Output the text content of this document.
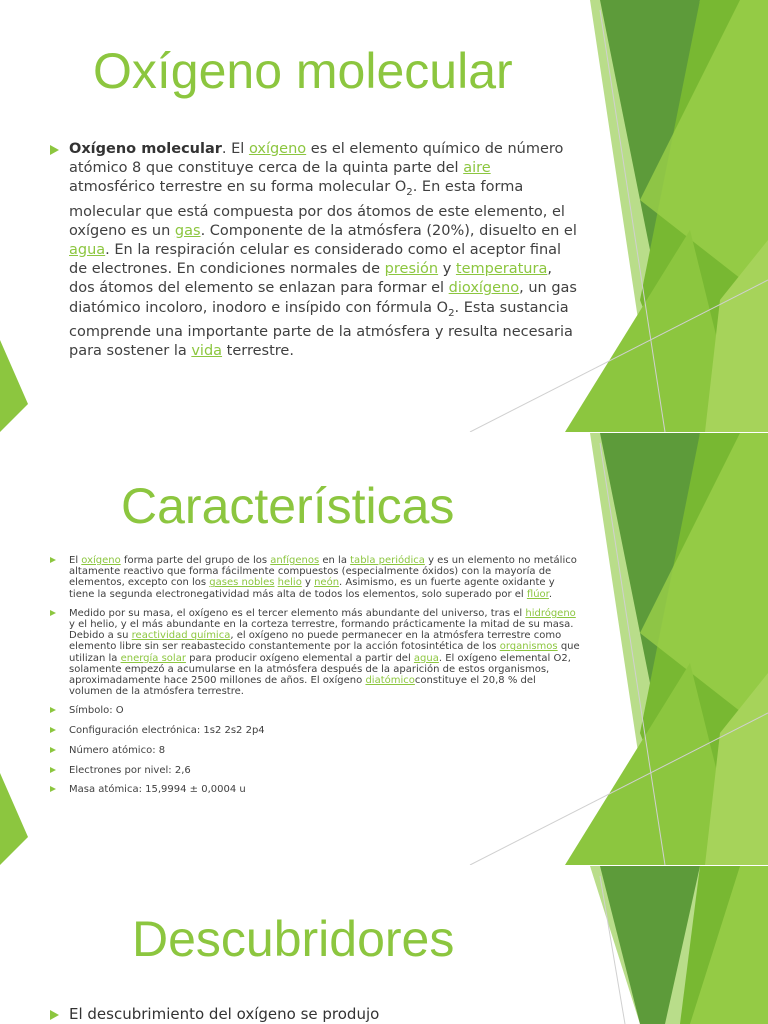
Oxígeno molecular
Oxígeno molecular. El oxígeno es el elemento químico de número atómico 8 que constituye cerca de la quinta parte del aire atmosférico terrestre en su forma molecular $O_2$. En esta forma molecular que está compuesta por dos átomos de este elemento, el oxígeno es un gas. Componente de la atmósfera (20%), disuelto en el agua. En la respiración celular es considerado como el aceptor final de electrones. En condiciones normales de presión y temperatura, dos átomos del elemento se enlazan para formar el dioxígeno, un gas diatómico incoloro, inodoro e insípido con fórmula $O_2$. Esta sustancia comprende una importante parte de la atmósfera y resulta necesaria para sostener la vida terrestre.
Características
El oxígeno forma parte del grupo de los anfígenos en la tabla periódica y es un elemento no metálico altamente reactivo que forma fácilmente compuestos (especialmente óxidos) con la mayoría de elementos, excepto con los gases nobles helio y neón. Asimismo, es un fuerte agente oxidante y tiene la segunda electronegatividad más alta de todos los elementos, solo superado por el flúor.
Medido por su masa, el oxígeno es el tercer elemento más abundante del universo, tras el hidrógeno y el helio, y el más abundante en la corteza terrestre, formando prácticamente la mitad de su masa. Debido a su reactividad química, el oxígeno no puede permanecer en la atmósfera terrestre como elemento libre sin ser reabastecido constantemente por la acción fotosintética de los organismos que utilizan la energía solar para producir oxígeno elemental a partir del agua. El oxígeno elemental O2, solamente empezó a acumularse en la atmósfera después de la aparición de estos organismos, aproximadamente hace 2500 millones de años. El oxígeno diatómicoconstituye el 20,8 % del volumen de la atmósfera terrestre.
Símbolo: O
Configuración electrónica: 1s2 2s2 2p4
Número atómico: 8
Electrones por nivel: 2,6
Masa atómica: 15,9994 ± 0,0004 u
Descubridores
El descubrimiento del oxígeno se produjo
